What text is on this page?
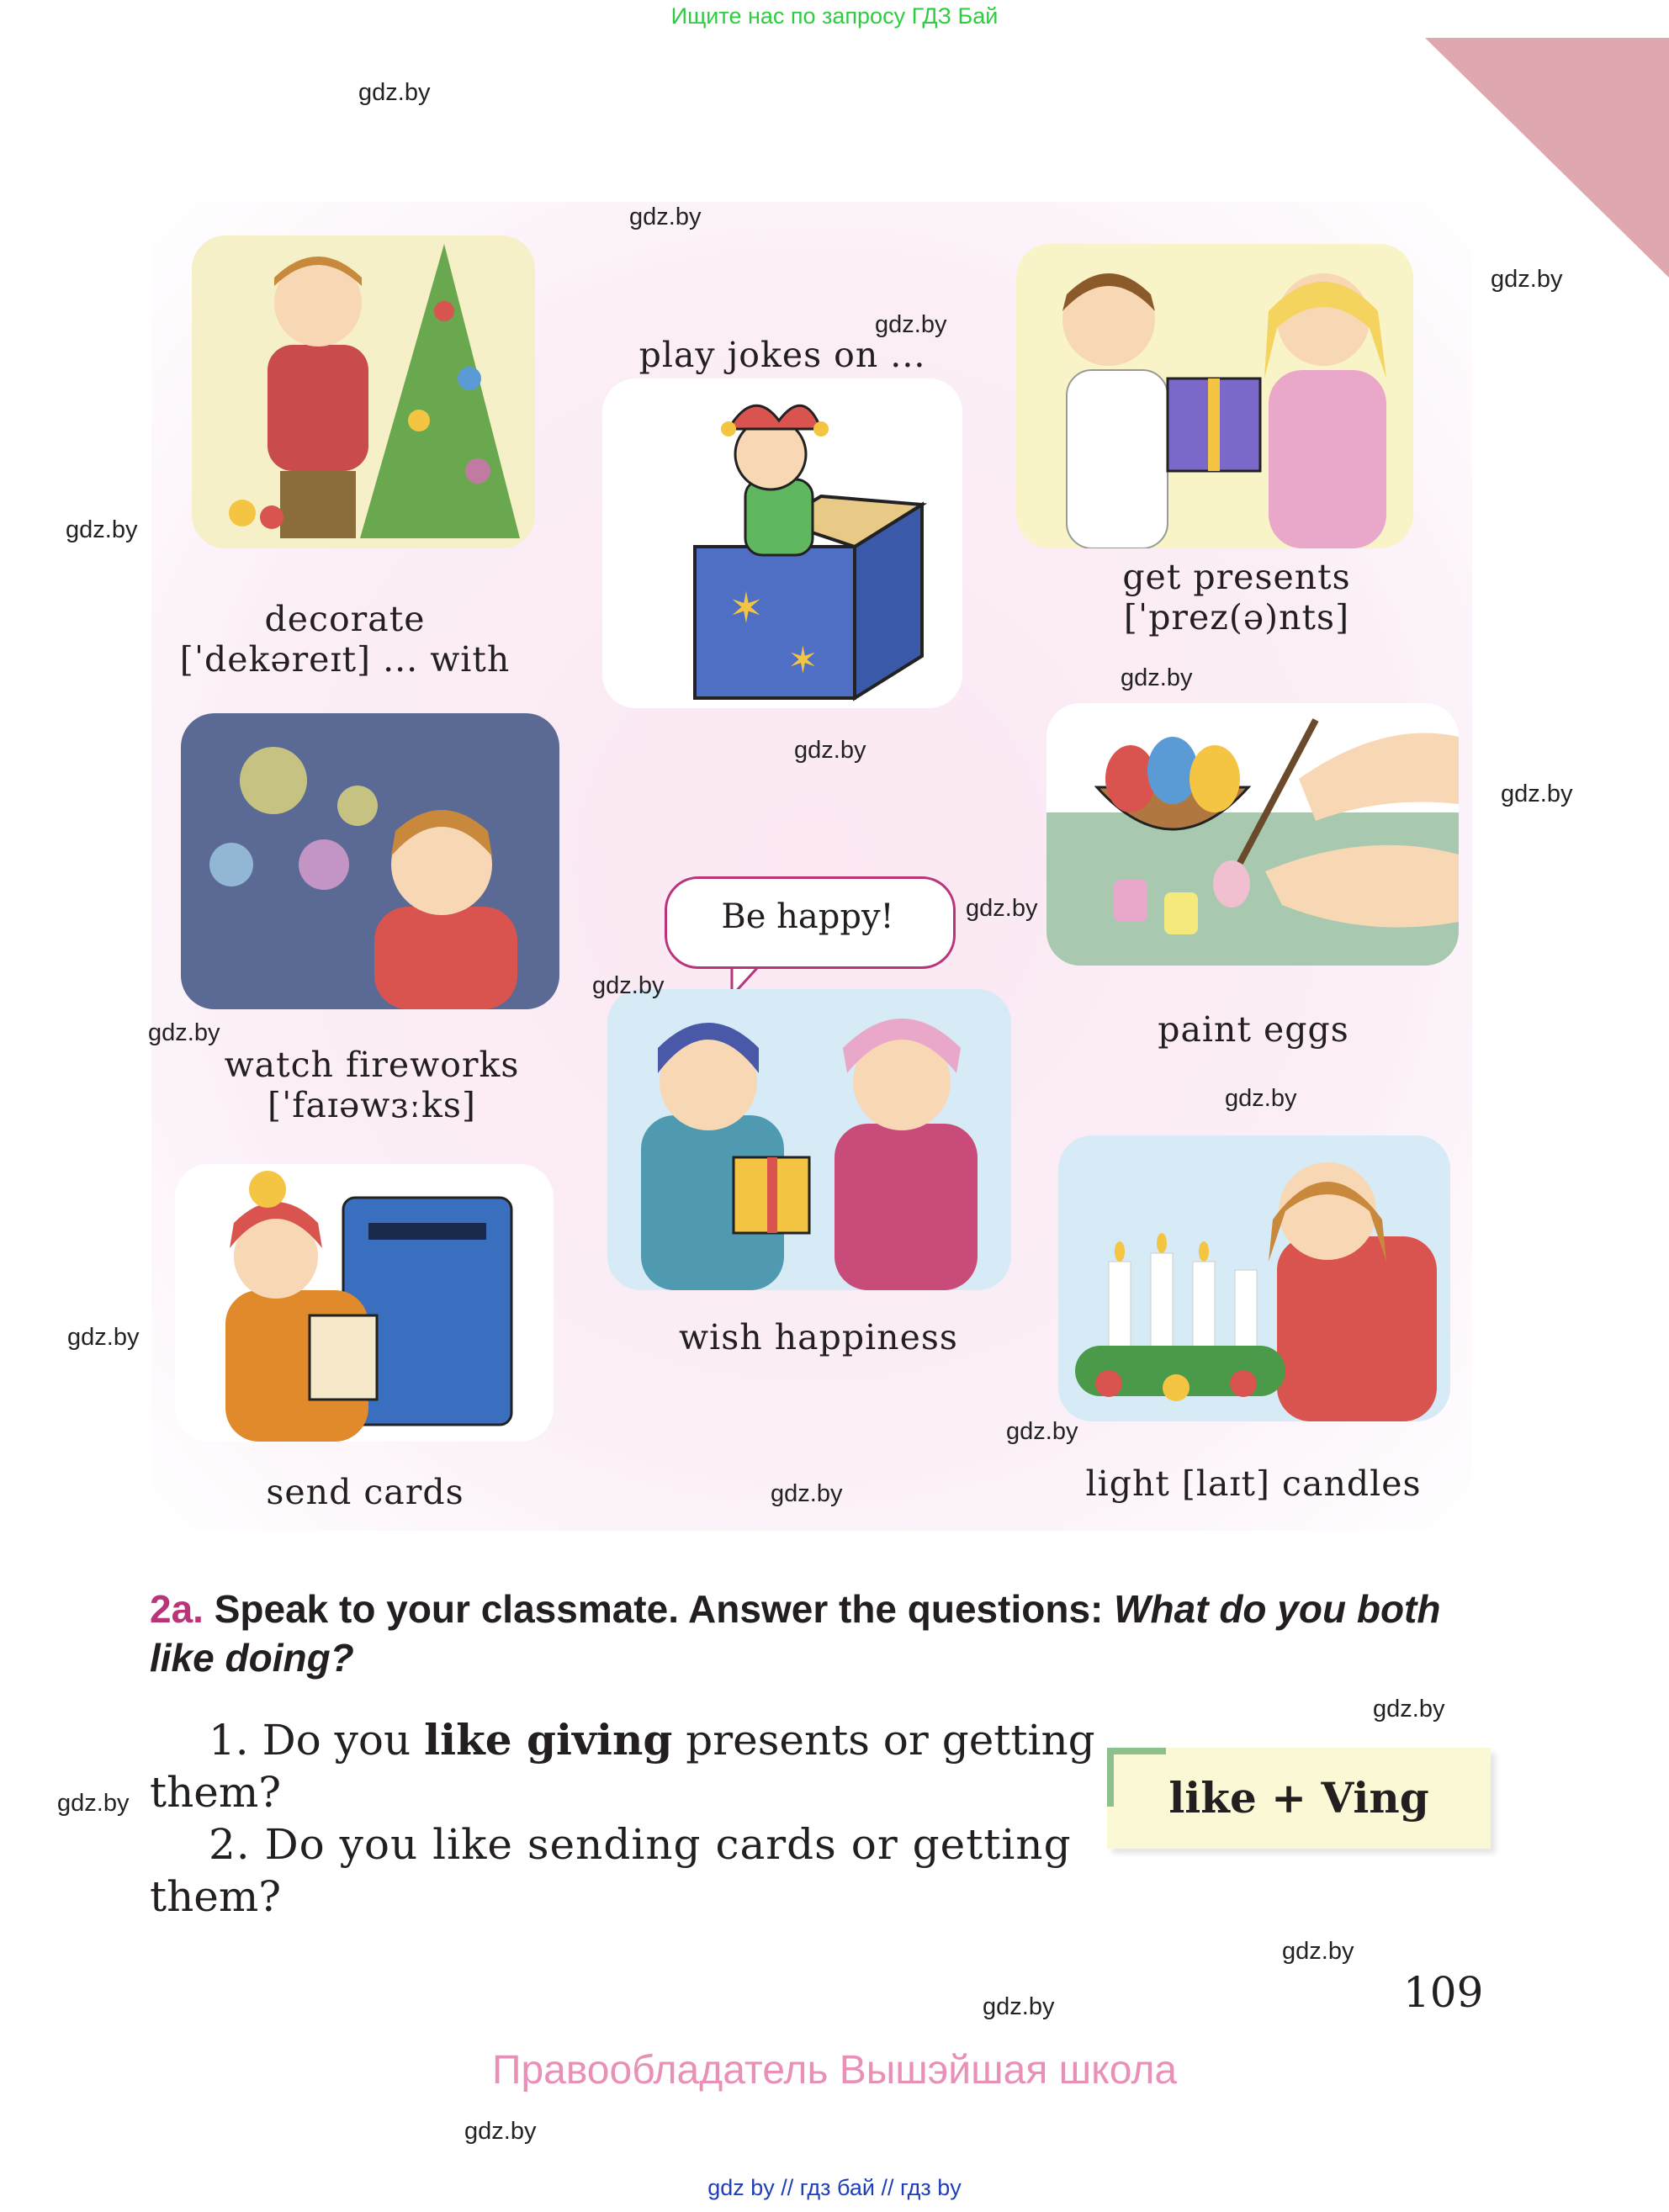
Ищите нас по запросу ГДЗ Бай
✶
✶
Be happy!
decorate
[ˈdekəreɪt] ... with
play jokes on ...
get presents
[ˈprez(ə)nts]
watch fireworks
[ˈfaɪəwɜːks]
paint eggs
send cards
wish happiness
light [laɪt] candles
2a. Speak to your classmate. Answer the questions: What do you both like doing?
1. Do you like giving presents or getting
them?
2. Do you like sending cards or getting
them?
like + Ving
109
Правообладатель Вышэйшая школа
gdz by // гдз бай // гдз by
gdz.by
gdz.by
gdz.by
gdz.by
gdz.by
gdz.by
gdz.by
gdz.by
gdz.by
gdz.by
gdz.by
gdz.by
gdz.by
gdz.by
gdz.by
gdz.by
gdz.by
gdz.by
gdz.by
gdz.by
